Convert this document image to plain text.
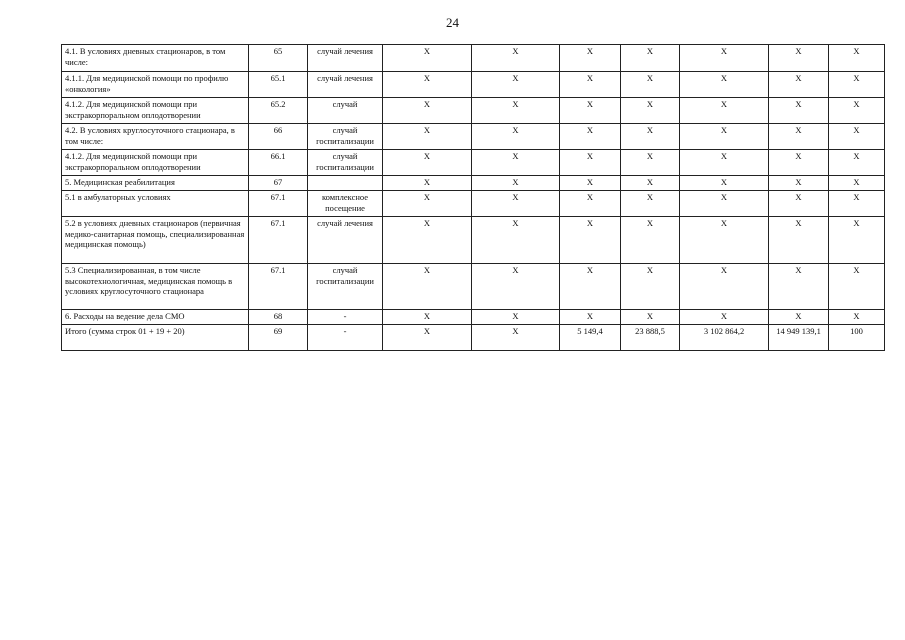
24
4.1. В условиях дневных стационаров, в том числе:	65	случай лечения	X	X	X	X	X	X	X
4.1.1. Для медицинской помощи по профилю «онкология»	65.1	случай лечения	X	X	X	X	X	X	X
4.1.2. Для медицинской помощи при экстракорпоральном оплодотворении	65.2	случай	X	X	X	X	X	X	X
4.2. В условиях круглосуточного стационара, в том числе:	66	случай госпитализации	X	X	X	X	X	X	X
4.1.2. Для медицинской помощи при экстракорпоральном оплодотворении	66.1	случай госпитализации	X	X	X	X	X	X	X
5. Медицинская реабилитация	67		X	X	X	X	X	X	X
5.1 в амбулаторных условиях	67.1	комплексное посещение	X	X	X	X	X	X	X
5.2 в условиях дневных стационаров (первичная медико-санитарная помощь, специализированная медицинская помощь)	67.1	случай лечения	X	X	X	X	X	X	X
5.3 Специализированная, в том числе высокотехнологичная, медицинская помощь в условиях круглосуточного стационара	67.1	случай госпитализации	X	X	X	X	X	X	X
6. Расходы на ведение дела СМО	68	-	X	X	X	X	X	X	X
Итого (сумма строк 01 + 19 + 20)	69	-	X	X	5 149,4	23 888,5	3 102 864,2	14 949 139,1	100
